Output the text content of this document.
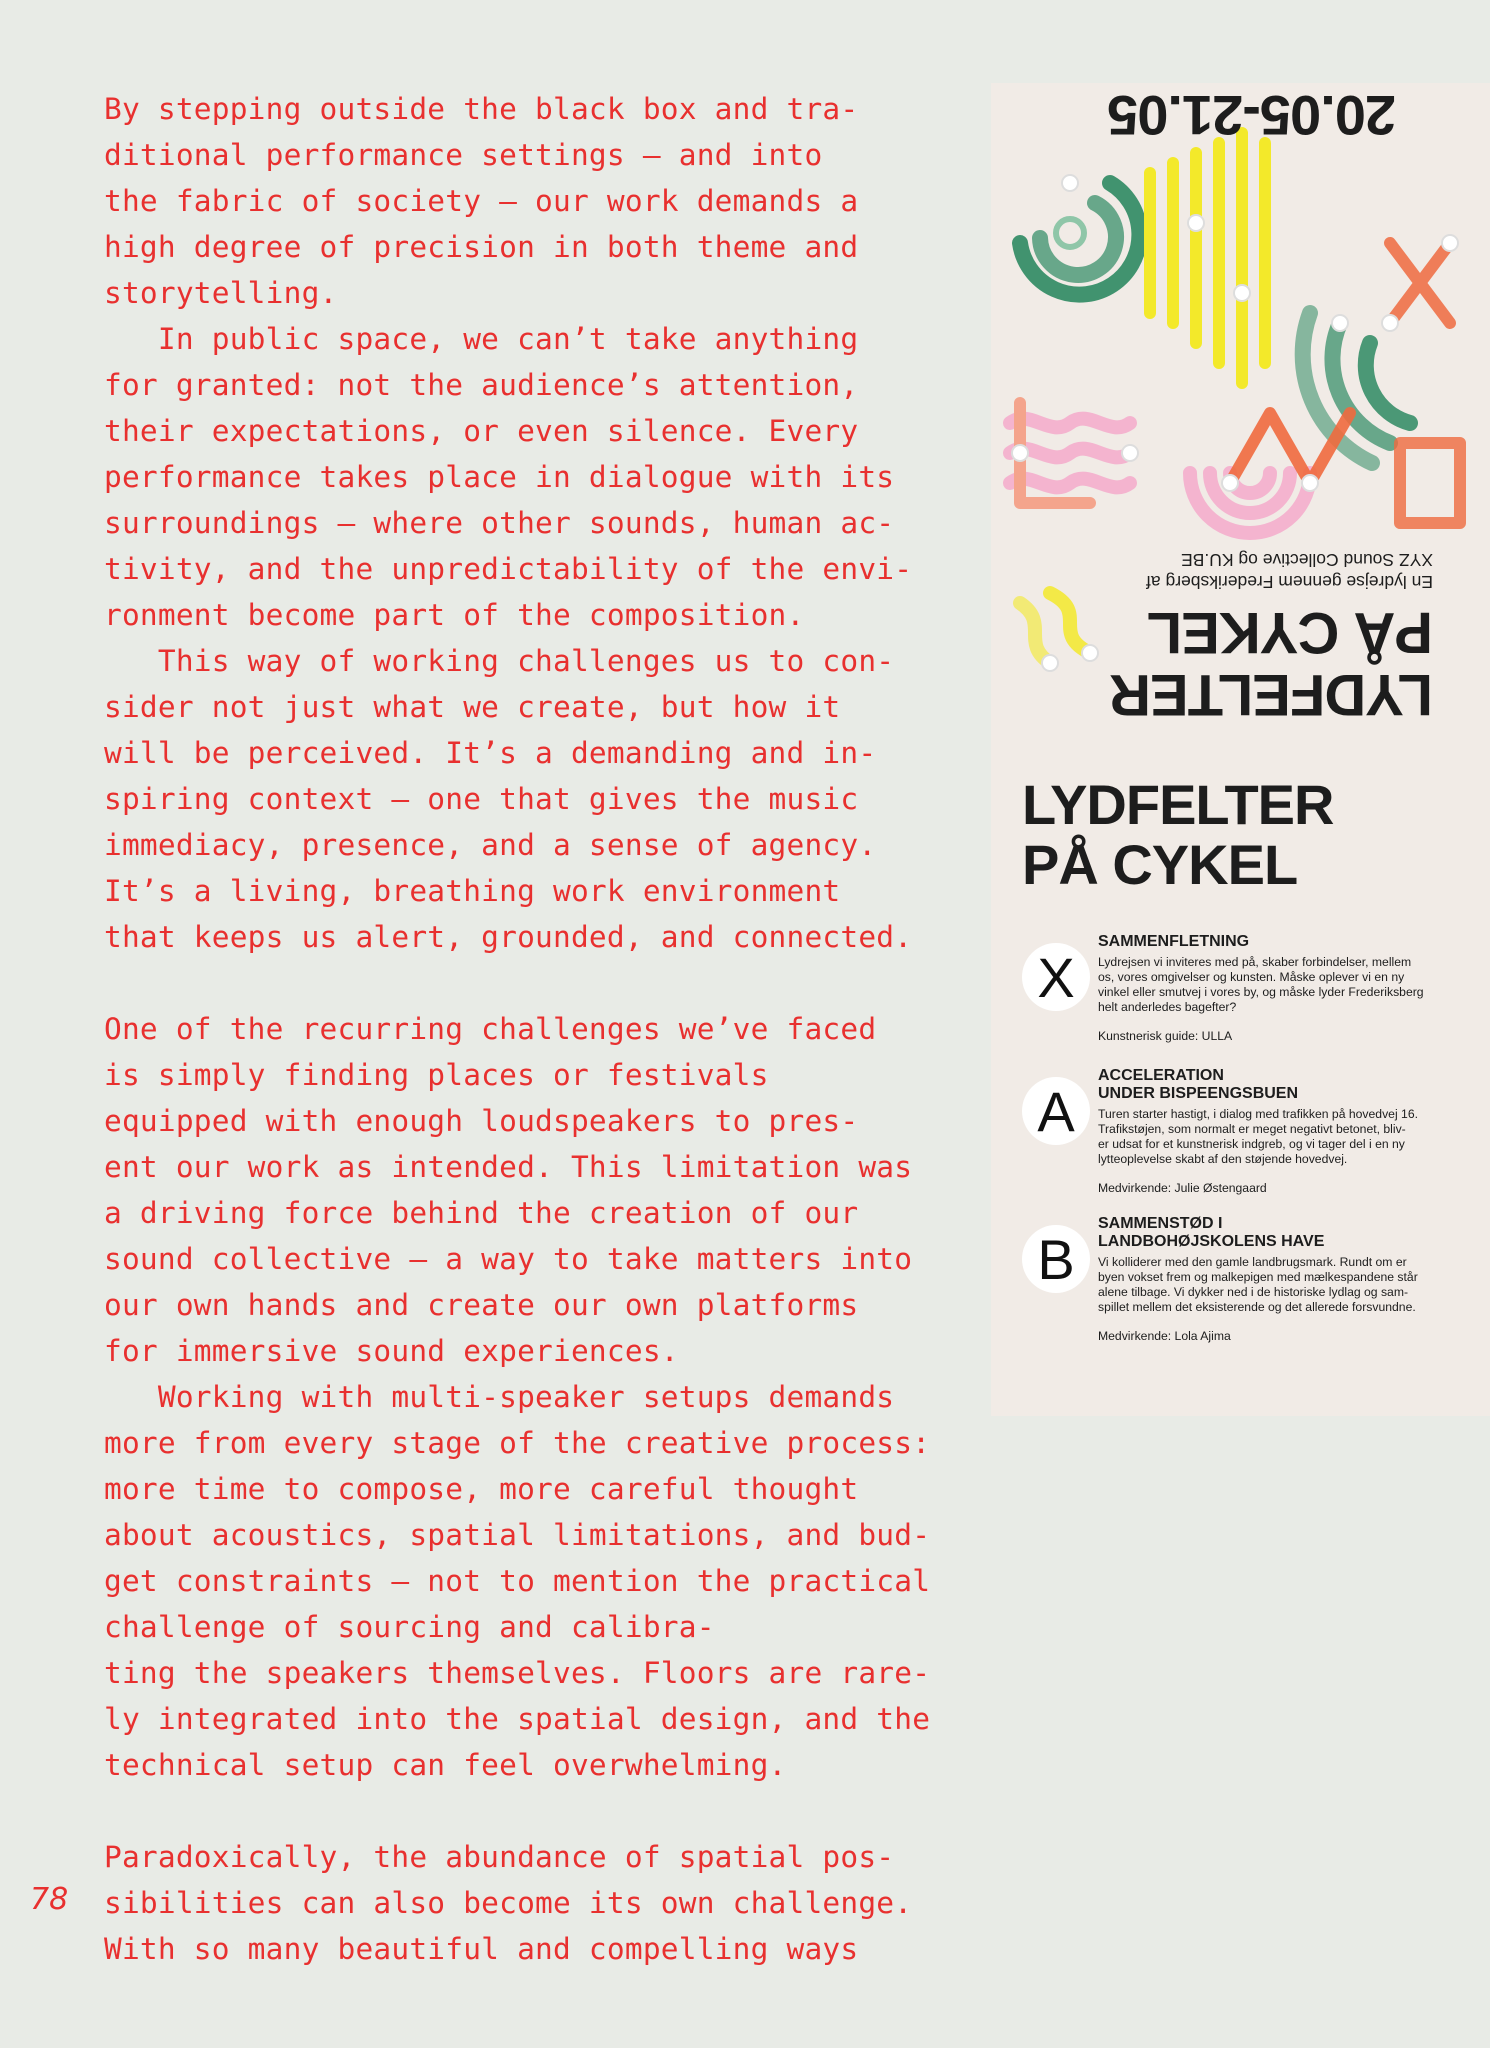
By stepping outside the black box and tra-

ditional performance settings – and into

the fabric of society – our work demands a

high degree of precision in both theme and

storytelling.

In public space, we can’t take anything

for granted: not the audience’s attention,

their expectations, or even silence. Every

performance takes place in dialogue with its

surroundings – where other sounds, human ac-

tivity, and the unpredictability of the envi-

ronment become part of the composition.

This way of working challenges us to con-

sider not just what we create, but how it

will be perceived. It’s a demanding and in-

spiring context – one that gives the music

immediacy, presence, and a sense of agency.

It’s a living, breathing work environment

that keeps us alert, grounded, and connected.

One of the recurring challenges we’ve faced

is simply finding places or festivals

equipped with enough loudspeakers to pres-

ent our work as intended. This limitation was

a driving force behind the creation of our

sound collective – a way to take matters into

our own hands and create our own platforms

for immersive sound experiences.

Working with multi-speaker setups demands

more from every stage of the creative process:

more time to compose, more careful thought

about acoustics, spatial limitations, and bud-

get constraints – not to mention the practical

challenge of sourcing and calibra-

ting the speakers themselves. Floors are rare-

ly integrated into the spatial design, and the

technical setup can feel overwhelming.

Paradoxically, the abundance of spatial pos-

sibilities can also become its own challenge.

With so many beautiful and compelling ways

78
LYDFELTER
PÅ CYKEL
En lydrejse gennem Frederiksberg af
XYZ Sound Collective og KU.BE
20.05-21.05
LYDFELTER
PÅ CYKEL
X
SAMMENFLETNING
Lydrejsen vi inviteres med på, skaber forbindelser, mellem
os, vores omgivelser og kunsten. Måske oplever vi en ny
vinkel eller smutvej i vores by, og måske lyder Frederiksberg
helt anderledes bagefter?
Kunstnerisk guide: ULLA
A
ACCELERATION
UNDER BISPEENGSBUEN
Turen starter hastigt, i dialog med trafikken på hovedvej 16.
Trafikstøjen, som normalt er meget negativt betonet, bliv-
er udsat for et kunstnerisk indgreb, og vi tager del i en ny
lytteoplevelse skabt af den støjende hovedvej.
Medvirkende: Julie Østengaard
B
SAMMENSTØD I
LANDBOHØJSKOLENS HAVE
Vi kolliderer med den gamle landbrugsmark. Rundt om er
byen vokset frem og malkepigen med mælkespandene står
alene tilbage. Vi dykker ned i de historiske lydlag og sam-
spillet mellem det eksisterende og det allerede forsvundne.
Medvirkende: Lola Ajima
